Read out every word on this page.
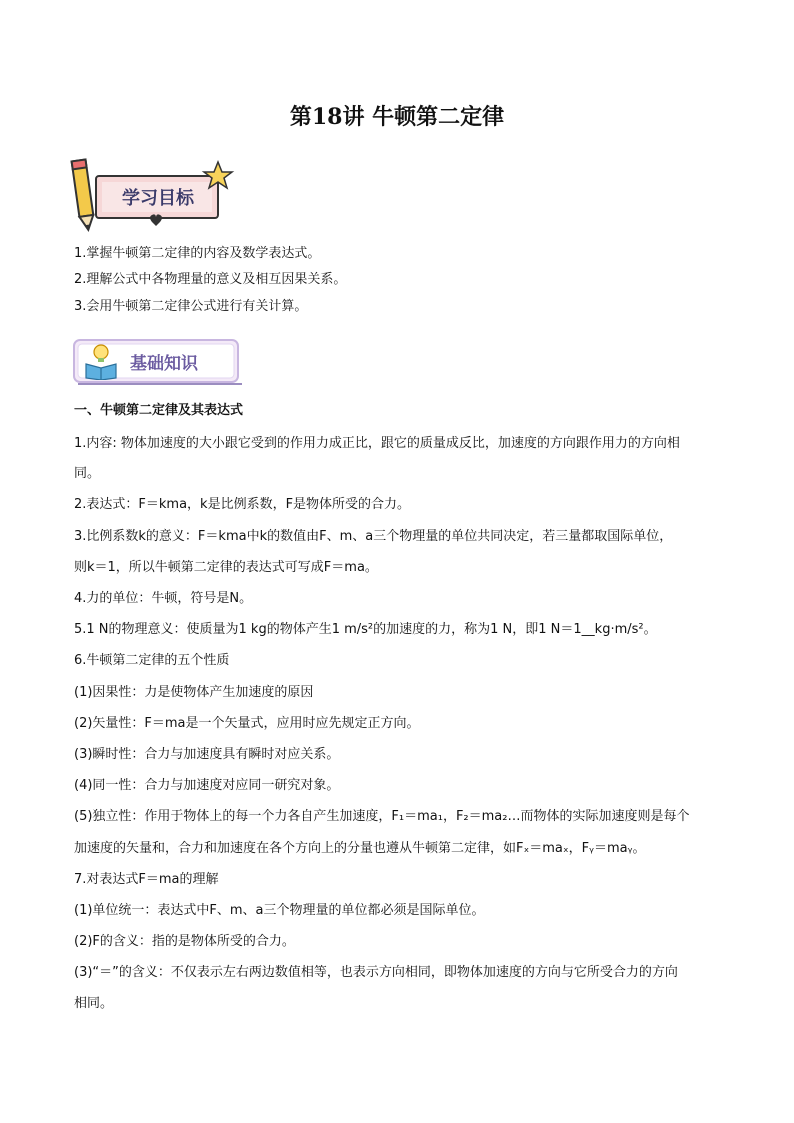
第18讲 牛顿第二定律
学习目标
1.掌握牛顿第二定律的内容及数学表达式。
2.理解公式中各物理量的意义及相互因果关系。
3.会用牛顿第二定律公式进行有关计算。
基础知识
一、牛顿第二定律及其表达式
1.内容: 物体加速度的大小跟它受到的作用力成正比，跟它的质量成反比，加速度的方向跟作用力的方向相
同。
2.表达式：F＝kma，k是比例系数，F是物体所受的合力。
3.比例系数k的意义：F＝kma中k的数值由F、m、a三个物理量的单位共同决定，若三量都取国际单位，
则k＝1，所以牛顿第二定律的表达式可写成F＝ma。
4.力的单位：牛顿，符号是N。
5.1 N的物理意义：使质量为1 kg的物体产生1 m/s²的加速度的力，称为1 N，即1 N＝1__kg·m/s²。
6.牛顿第二定律的五个性质
(1)因果性：力是使物体产生加速度的原因
(2)矢量性：F＝ma是一个矢量式，应用时应先规定正方向。
(3)瞬时性：合力与加速度具有瞬时对应关系。
(4)同一性：合力与加速度对应同一研究对象。
(5)独立性：作用于物体上的每一个力各自产生加速度，F₁＝ma₁，F₂＝ma₂…而物体的实际加速度则是每个
加速度的矢量和，合力和加速度在各个方向上的分量也遵从牛顿第二定律，如Fₓ＝maₓ，Fᵧ＝maᵧ。
7.对表达式F＝ma的理解
(1)单位统一：表达式中F、m、a三个物理量的单位都必须是国际单位。
(2)F的含义：指的是物体所受的合力。
(3)“＝”的含义：不仅表示左右两边数值相等，也表示方向相同，即物体加速度的方向与它所受合力的方向
相同。
